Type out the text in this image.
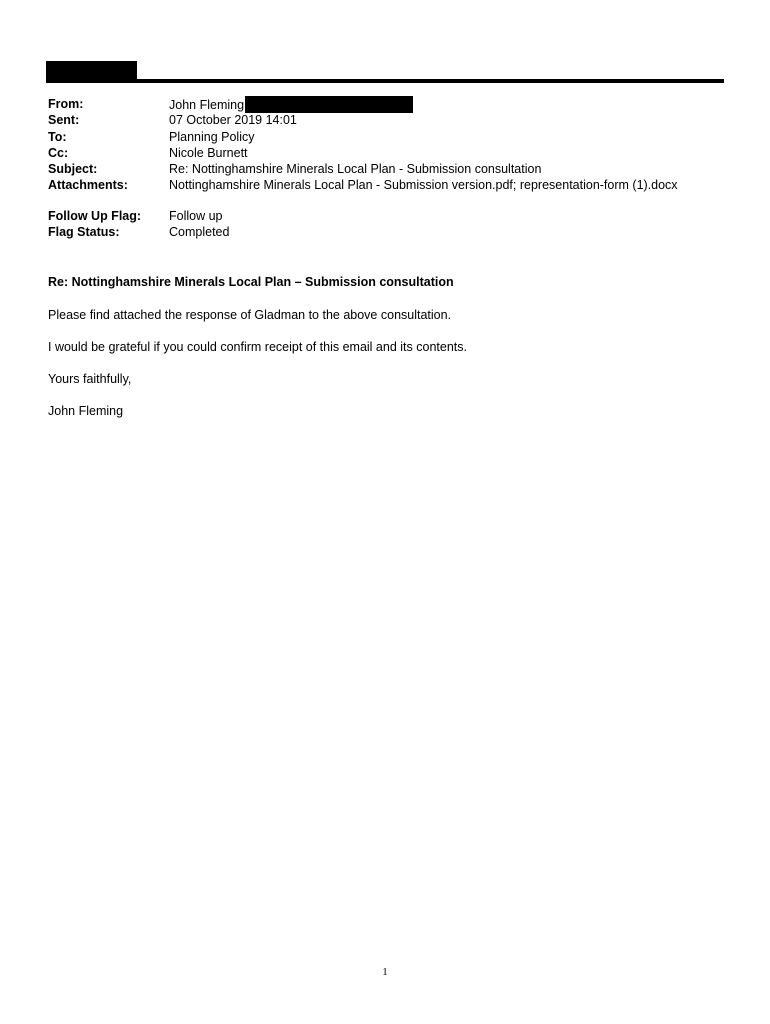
From:	John Fleming
Sent:	07 October 2019 14:01
To:	Planning Policy
Cc:	Nicole Burnett
Subject:	Re: Nottinghamshire Minerals Local Plan - Submission consultation
Attachments:	Nottinghamshire Minerals Local Plan - Submission version.pdf; representation-form (1).docx
Follow Up Flag: Follow up
Flag Status:	Completed

Re: Nottinghamshire Minerals Local Plan – Submission consultation

Please find attached the response of Gladman to the above consultation.

I would be grateful if you could confirm receipt of this email and its contents.

Yours faithfully,

John Fleming

1
